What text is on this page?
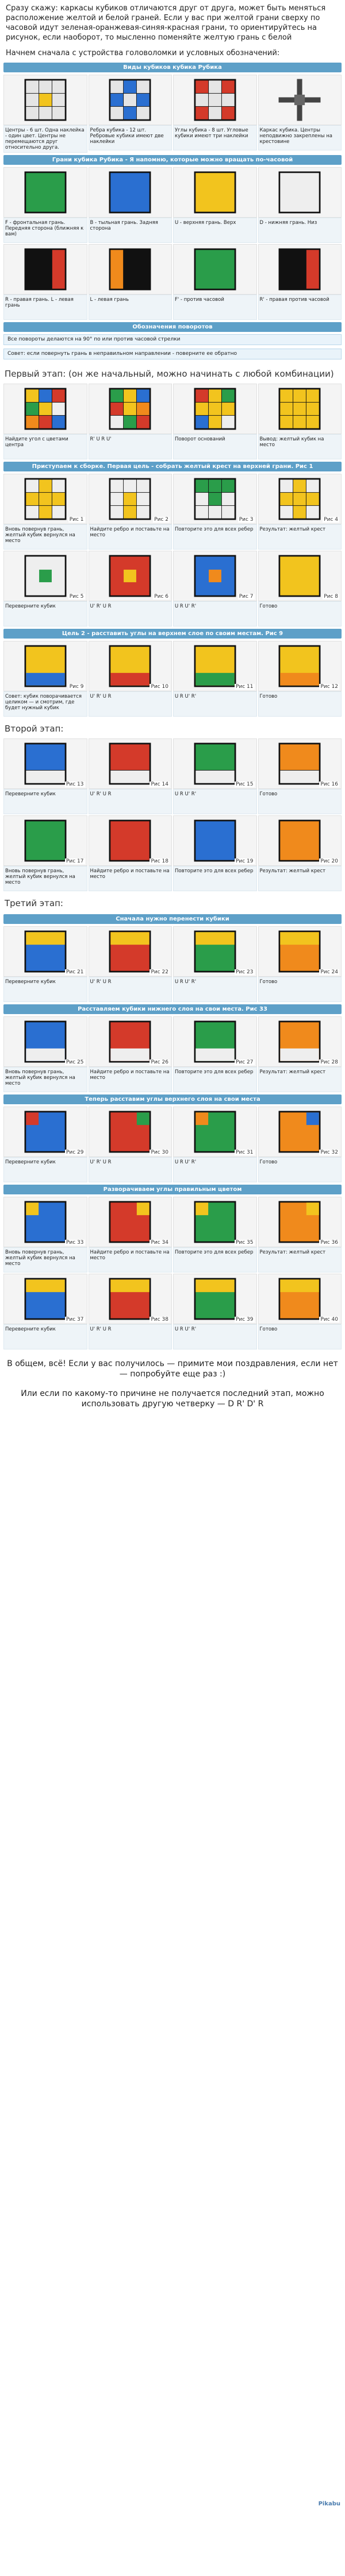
Сразу скажу: каркасы кубиков отличаются друг от друга, может быть меняться расположение желтой и белой граней. Если у вас при желтой грани сверху по часовой идут зеленая-оранжевая-синяя-красная грани, то ориентируйтесь на рисунок, если наоборот, то мысленно поменяйте желтую грань с белой
Начнем сначала с устройства головоломки и условных обозначений:
Виды кубиков кубика Рубика
Центры - 6 шт. Одна наклейка - один цвет. Центры не перемещаются друг относительно друга.
Ребра кубика - 12 шт. Ребровые кубики имеют две наклейки
Углы кубика - 8 шт. Угловые кубики имеют три наклейки
Каркас кубика. Центры неподвижно закреплены на крестовине
Грани кубика Рубика - Я напомню, которые можно вращать по-часовой
F - фронтальная грань. Передняя сторона (ближняя к вам)
B - тыльная грань. Задняя сторона
U - верхняя грань. Верх	D - нижняя грань. Низ
R - правая грань. L - левая грань
L - левая грань	F' - против часовой	R' - правая против часовой
Обозначения поворотов
Все повороты делаются на 90° по или против часовой стрелки
Совет: если повернуть грань в неправильном направлении - поверните ее обратно
Первый этап: (он же начальный, можно начинать с любой комбинации)
Найдите угол с цветами центра
R' U R U'	Поворот оснований	Вывод: желтый кубик на место
Приступаем к сборке. Первая цель - собрать желтый крест на верхней грани. Рис 1
Рис 1
Вновь повернув грань, желтый кубик вернулся на место
Рис 2
Найдите ребро и поставьте на место
Рис 3
Повторите это для всех ребер
Рис 4
Результат: желтый крест
Рис 5
Переверните кубик
Рис 6
U' R' U R
Рис 7
U R U' R'
Рис 8
Готово
Цель 2 - расставить углы на верхнем слое по своим местам. Рис 9
Рис 9
Совет: кубик поворачивается целиком — и смотрим, где будет нужный кубик
Рис 10
U' R' U R
Рис 11
U R U' R'
Рис 12
Готово
Второй этап:
Рис 13
Переверните кубик
Рис 14
U' R' U R
Рис 15
U R U' R'
Рис 16
Готово
Рис 17
Вновь повернув грань, желтый кубик вернулся на место
Рис 18
Найдите ребро и поставьте на место
Рис 19
Повторите это для всех ребер
Рис 20
Результат: желтый крест
Третий этап:
Сначала нужно перенести кубики
Рис 21
Переверните кубик
Рис 22
U' R' U R
Рис 23
U R U' R'
Рис 24
Готово
Расставляем кубики нижнего слоя на свои места. Рис 33
Рис 25
Вновь повернув грань, желтый кубик вернулся на место
Рис 26
Найдите ребро и поставьте на место
Рис 27
Повторите это для всех ребер
Рис 28
Результат: желтый крест
Теперь расставим углы верхнего слоя на свои места
Рис 29
Переверните кубик
Рис 30
U' R' U R
Рис 31
U R U' R'
Рис 32
Готово
Разворачиваем углы правильным цветом
Рис 33
Вновь повернув грань, желтый кубик вернулся на место
Рис 34
Найдите ребро и поставьте на место
Рис 35
Повторите это для всех ребер
Рис 36
Результат: желтый крест
Рис 37
Переверните кубик
Рис 38
U' R' U R
Рис 39
U R U' R'
Рис 40
Готово
В общем, всё! Если у вас получилось — примите мои поздравления, если нет — попробуйте еще раз :)
Или если по какому-то причине не получается последний этап, можно использовать другую четверку — D R' D' R
Pikabu
